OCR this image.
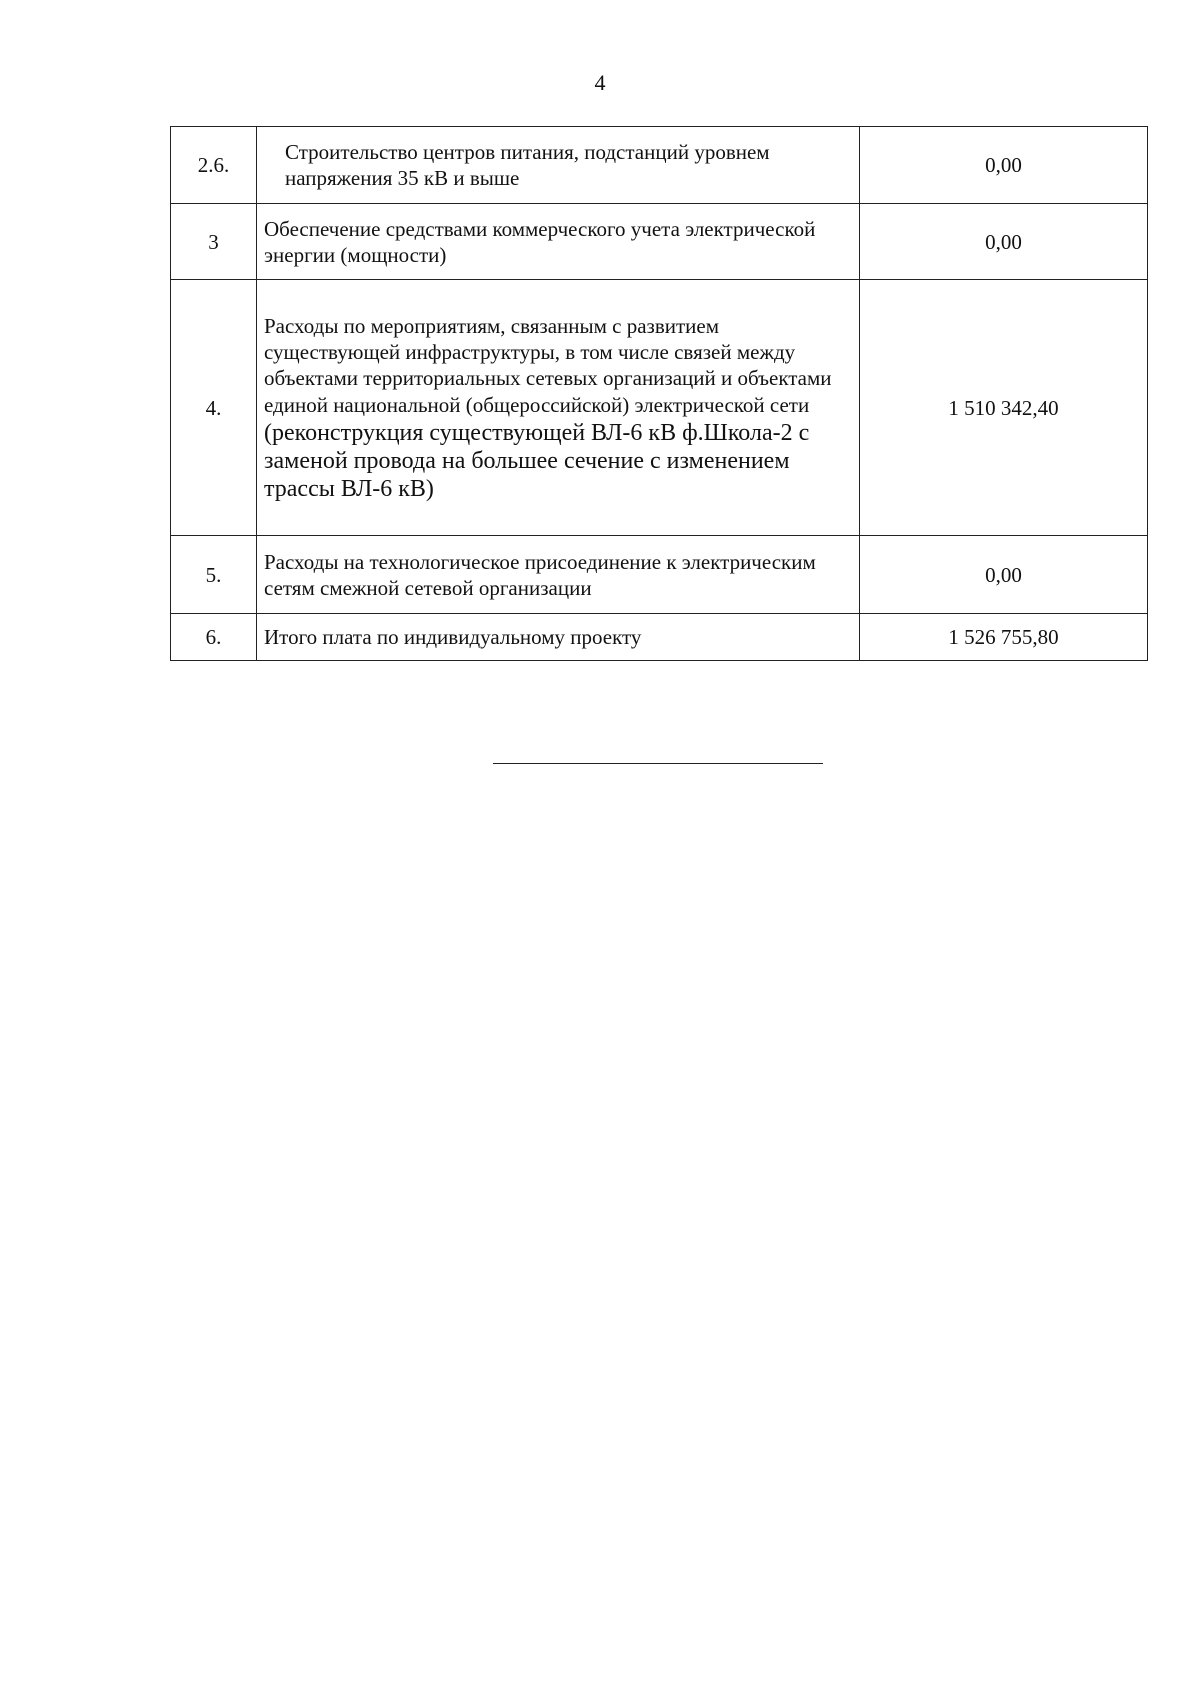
4
2.6.	Строительство центров питания, подстанций уровнем напряжения 35 кВ и выше	0,00
3	Обеспечение средствами коммерческого учета электрической энергии (мощности)	0,00
4.	Расходы по мероприятиям, связанным с развитием существующей инфраструктуры, в том числе связей между объектами территориальных сетевых организаций и объектами единой национальной (общероссийской) электрической сети (реконструкция существующей ВЛ-6 кВ ф.Школа-2 с заменой провода на большее сечение с изменением трассы ВЛ-6 кВ)	1 510 342,40
5.	Расходы на технологическое присоединение к электрическим сетям смежной сетевой организации	0,00
6.	Итого плата по индивидуальному проекту	1 526 755,80
